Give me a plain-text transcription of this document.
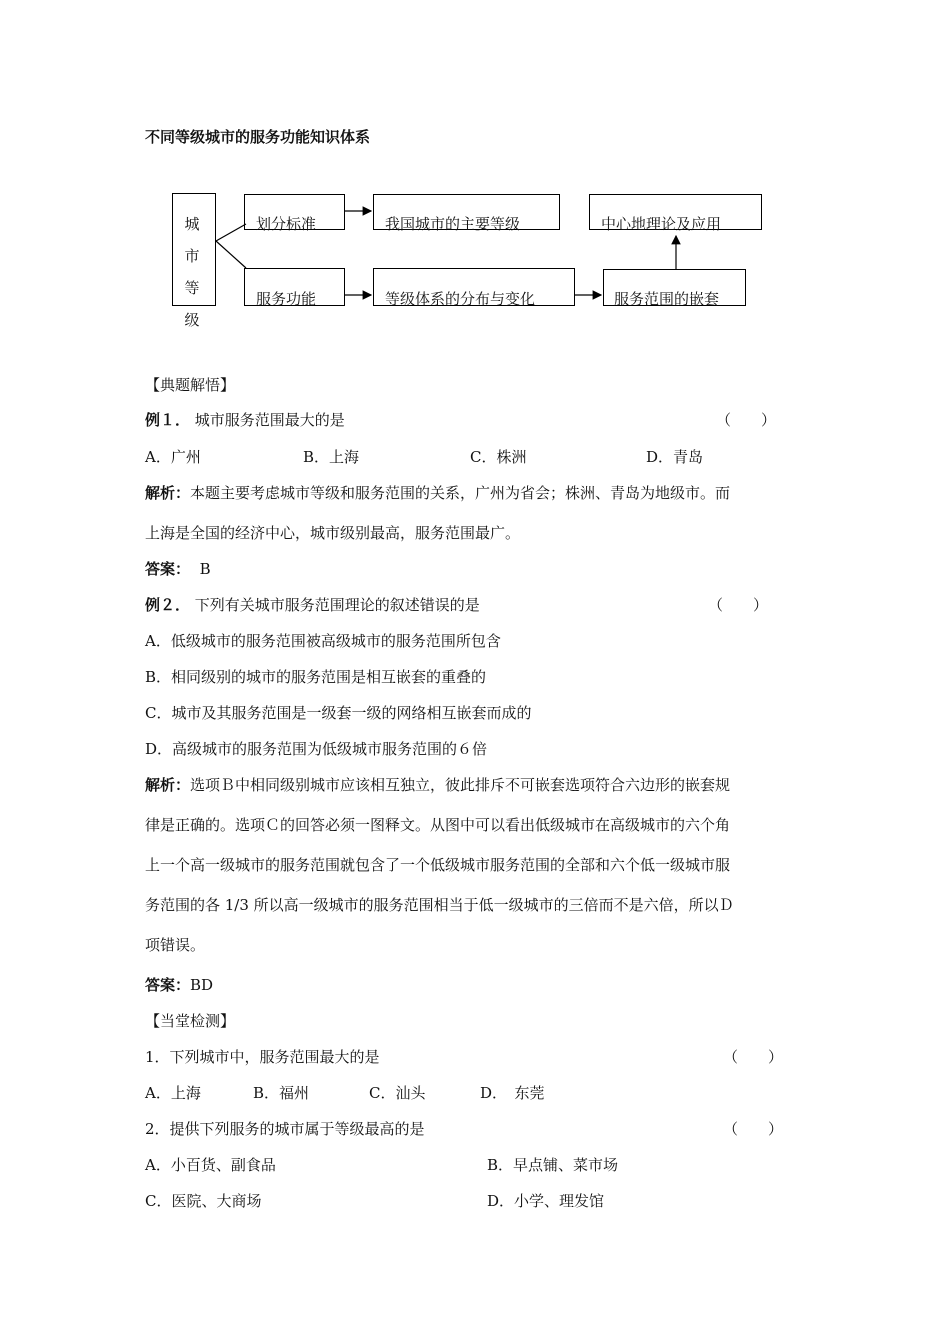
不同等级城市的服务功能知识体系
城
市
等
级
划分标准	我国城市的主要等级	中心地理论及应用
服务功能	等级体系的分布与变化	服务范围的嵌套
【典题解悟】
例１． 城市服务范围最大的是	（　　）
A．广州	B．上海	C．株洲	D．青岛
解析：本题主要考虑城市等级和服务范围的关系，广州为省会；株洲、青岛为地级市。而
上海是全国的经济中心，城市级别最高，服务范围最广。
答案： B
例２． 下列有关城市服务范围理论的叙述错误的是	（　　）
A．低级城市的服务范围被高级城市的服务范围所包含
B．相同级别的城市的服务范围是相互嵌套的重叠的
C．城市及其服务范围是一级套一级的网络相互嵌套而成的
D．高级城市的服务范围为低级城市服务范围的６倍
解析：选项Ｂ中相同级别城市应该相互独立，彼此排斥不可嵌套选项符合六边形的嵌套规
律是正确的。选项Ｃ的回答必须一图释文。从图中可以看出低级城市在高级城市的六个角
上一个高一级城市的服务范围就包含了一个低级城市服务范围的全部和六个低一级城市服
务范围的各 1/3 所以高一级城市的服务范围相当于低一级城市的三倍而不是六倍，所以Ｄ
项错误。
答案：BD
【当堂检测】
1．下列城市中，服务范围最大的是	（　　）
A．上海	B．福州	C．汕头	D．　东莞
2．提供下列服务的城市属于等级最高的是	（　　）
A．小百货、副食品	B．早点铺、菜市场
C．医院、大商场	D．小学、理发馆
